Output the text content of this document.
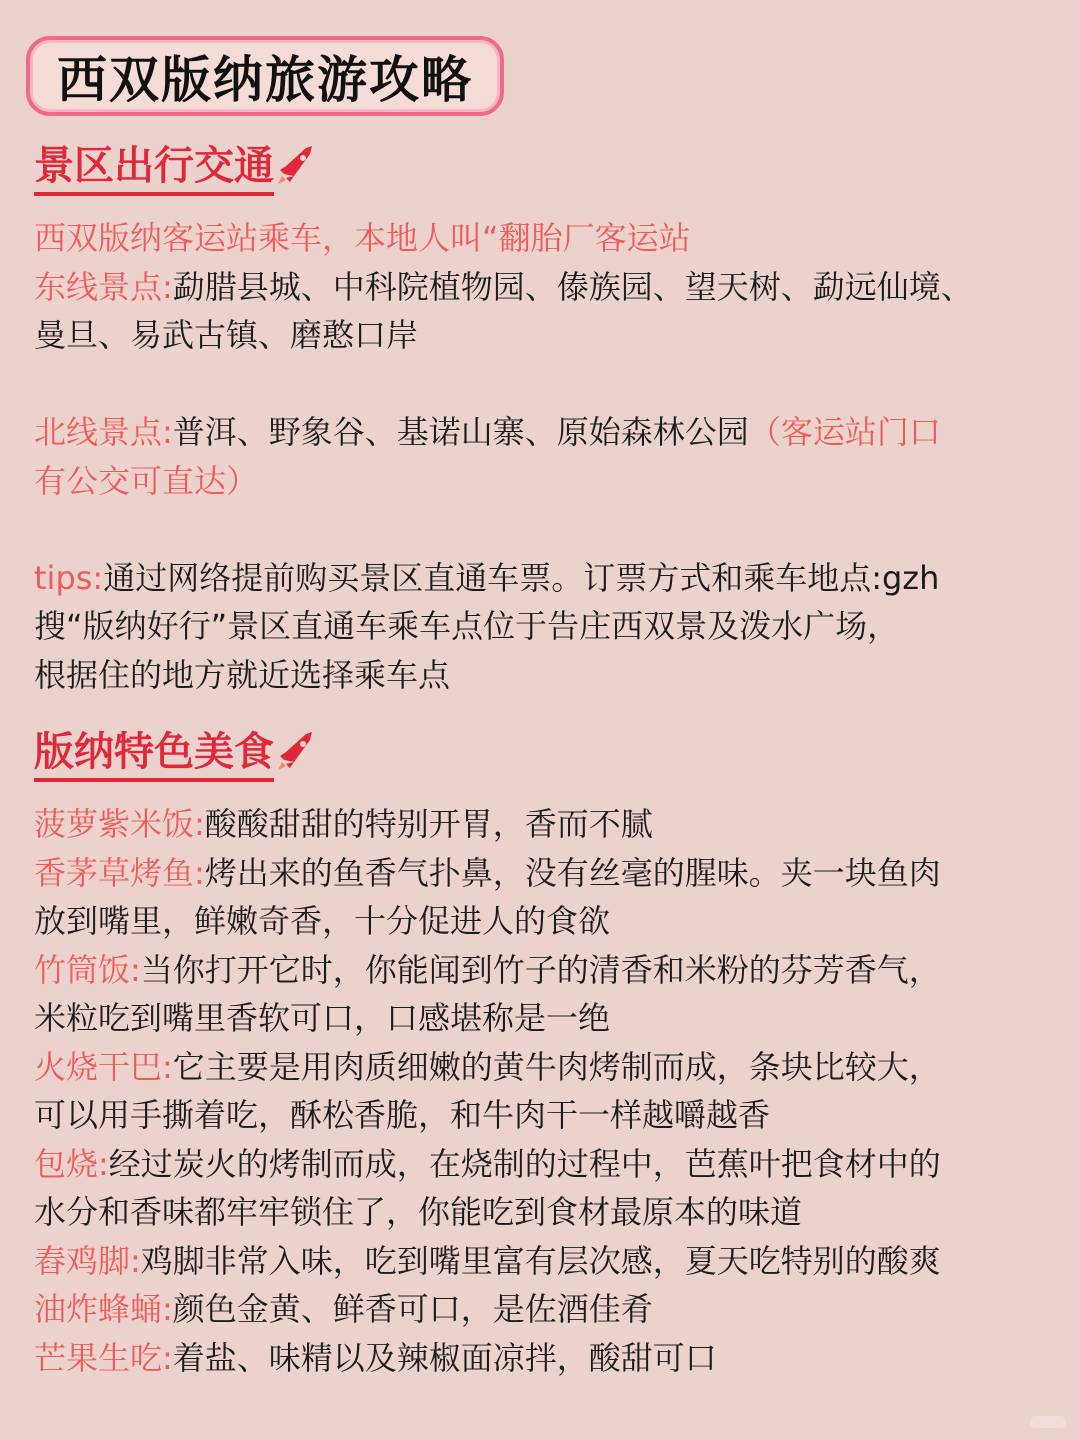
西双版纳旅游攻略
景区出行交通
西双版纳客运站乘车，本地人叫“翻胎厂客运站
东线景点:勐腊县城、中科院植物园、傣族园、望天树、勐远仙境、
曼旦、易武古镇、磨憨口岸
北线景点:普洱、野象谷、基诺山寨、原始森林公园（客运站门口
有公交可直达）
tips:通过网络提前购买景区直通车票。订票方式和乘车地点:gzh
搜“版纳好行”景区直通车乘车点位于告庄西双景及泼水广场，
根据住的地方就近选择乘车点
版纳特色美食
菠萝紫米饭:酸酸甜甜的特别开胃，香而不腻
香茅草烤鱼:烤出来的鱼香气扑鼻，没有丝毫的腥味。夹一块鱼肉
放到嘴里，鲜嫩奇香，十分促进人的食欲
竹筒饭:当你打开它时，你能闻到竹子的清香和米粉的芬芳香气，
米粒吃到嘴里香软可口，口感堪称是一绝
火烧干巴:它主要是用肉质细嫩的黄牛肉烤制而成，条块比较大，
可以用手撕着吃，酥松香脆，和牛肉干一样越嚼越香
包烧:经过炭火的烤制而成，在烧制的过程中，芭蕉叶把食材中的
水分和香味都牢牢锁住了，你能吃到食材最原本的味道
舂鸡脚:鸡脚非常入味，吃到嘴里富有层次感，夏天吃特别的酸爽
油炸蜂蛹:颜色金黄、鲜香可口，是佐酒佳肴
芒果生吃:着盐、味精以及辣椒面凉拌，酸甜可口
